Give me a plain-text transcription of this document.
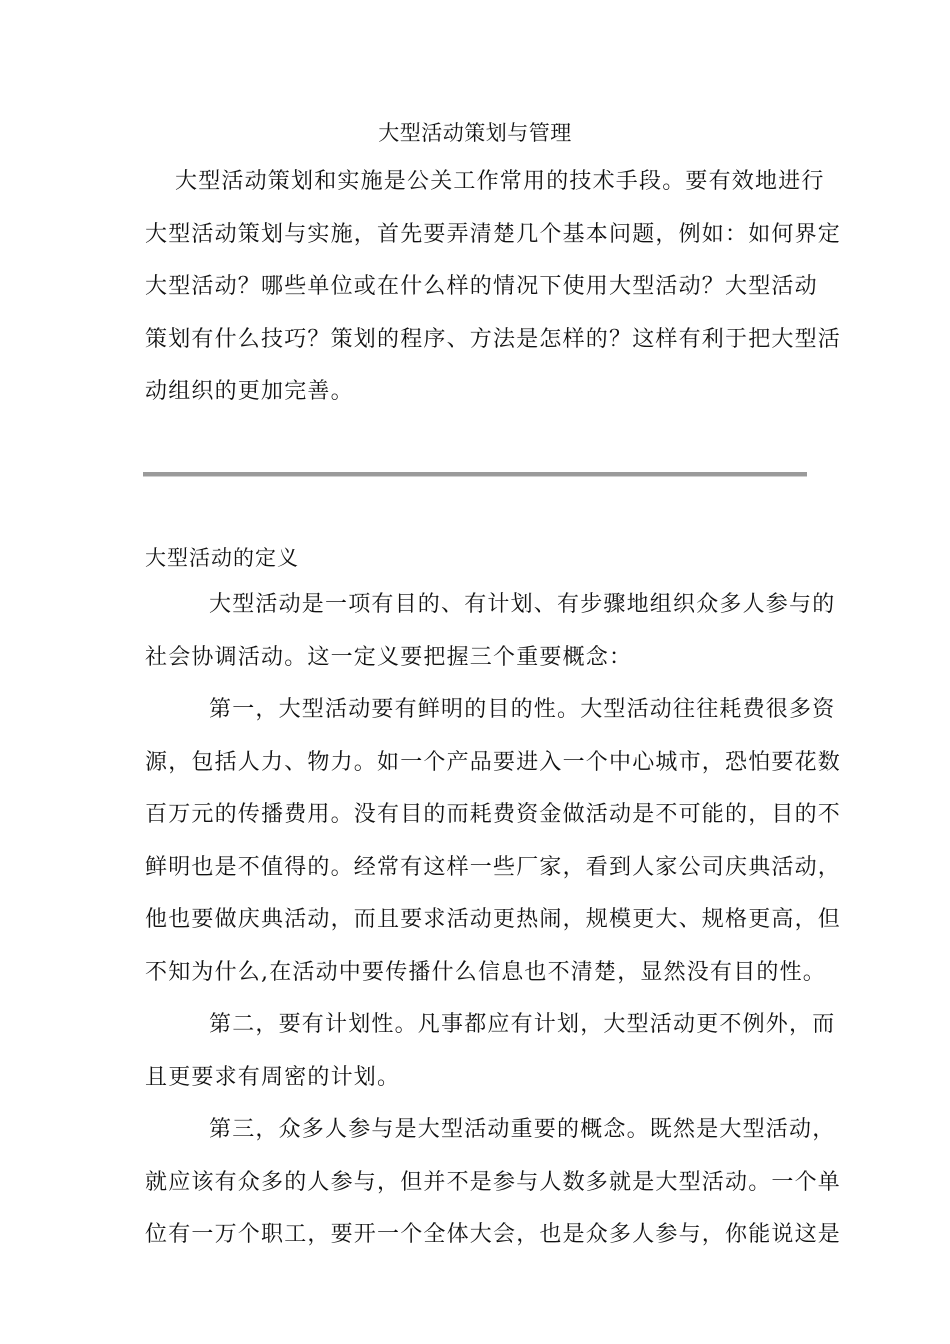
大型活动策划与管理
大型活动策划和实施是公关工作常用的技术手段。要有效地进行
大型活动策划与实施，首先要弄清楚几个基本问题，例如：如何界定
大型活动？哪些单位或在什么样的情况下使用大型活动？大型活动
策划有什么技巧？策划的程序、方法是怎样的？这样有利于把大型活
动组织的更加完善。
大型活动的定义
大型活动是一项有目的、有计划、有步骤地组织众多人参与的
社会协调活动。这一定义要把握三个重要概念：
第一，大型活动要有鲜明的目的性。大型活动往往耗费很多资
源，包括人力、物力。如一个产品要进入一个中心城市，恐怕要花数
百万元的传播费用。没有目的而耗费资金做活动是不可能的，目的不
鲜明也是不值得的。经常有这样一些厂家，看到人家公司庆典活动，
他也要做庆典活动，而且要求活动更热闹，规模更大、规格更高，但
不知为什么,在活动中要传播什么信息也不清楚，显然没有目的性。
第二，要有计划性。凡事都应有计划，大型活动更不例外，而
且更要求有周密的计划。
第三，众多人参与是大型活动重要的概念。既然是大型活动，
就应该有众多的人参与，但并不是参与人数多就是大型活动。一个单
位有一万个职工，要开一个全体大会，也是众多人参与，你能说这是
